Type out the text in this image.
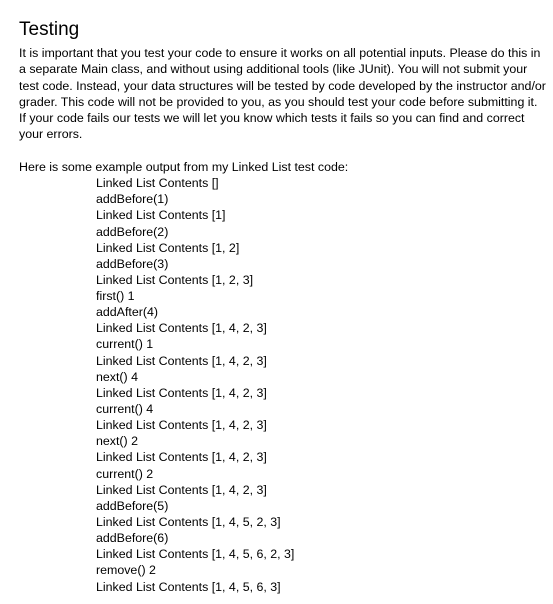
Testing

It is important that you test your code to ensure it works on all potential inputs. Please do this in
a separate Main class, and without using additional tools (like JUnit). You will not submit your
test code. Instead, your data structures will be tested by code developed by the instructor and/or
grader. This code will not be provided to you, as you should test your code before submitting it.
If your code fails our tests we will let you know which tests it fails so you can find and correct
your errors.

Here is some example output from my Linked List test code:

Linked List Contents []
addBefore(1)
Linked List Contents [1]
addBefore(2)
Linked List Contents [1, 2]
addBefore(3)
Linked List Contents [1, 2, 3]
first() 1
addAfter(4)
Linked List Contents [1, 4, 2, 3]
current() 1
Linked List Contents [1, 4, 2, 3]
next() 4
Linked List Contents [1, 4, 2, 3]
current() 4
Linked List Contents [1, 4, 2, 3]
next() 2
Linked List Contents [1, 4, 2, 3]
current() 2
Linked List Contents [1, 4, 2, 3]
addBefore(5)
Linked List Contents [1, 4, 5, 2, 3]
addBefore(6)
Linked List Contents [1, 4, 5, 6, 2, 3]
remove() 2
Linked List Contents [1, 4, 5, 6, 3]
